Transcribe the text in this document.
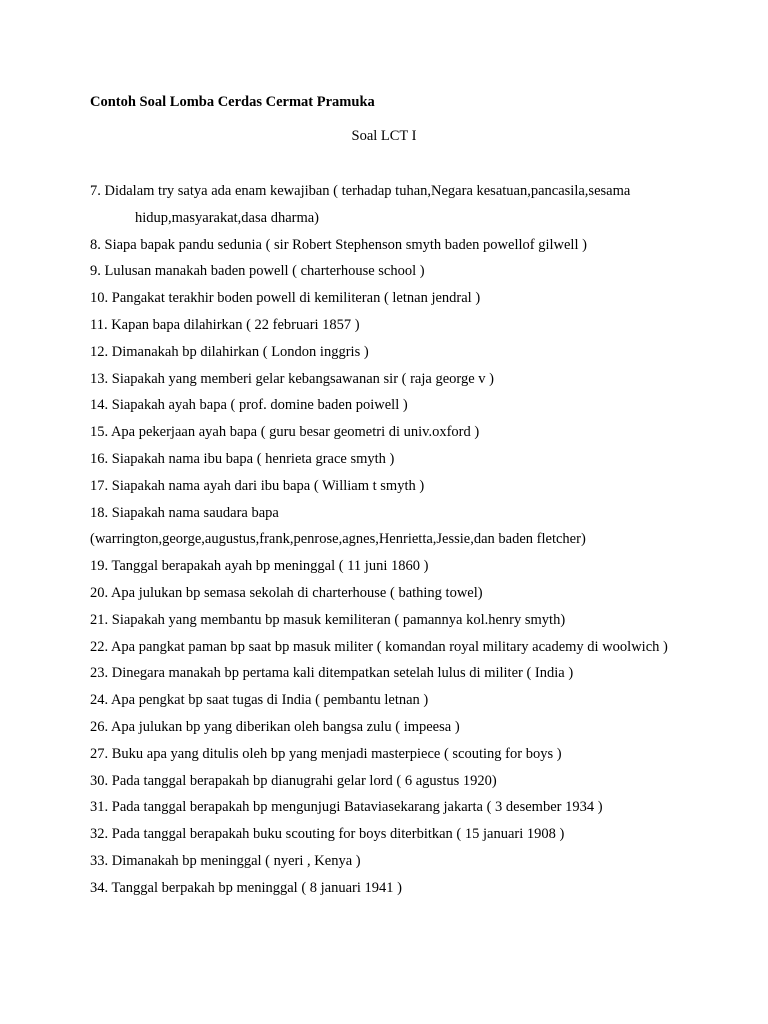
Contoh Soal Lomba Cerdas Cermat Pramuka
Soal LCT I
7. Didalam try satya ada enam kewajiban ( terhadap tuhan,Negara kesatuan,pancasila,sesama hidup,masyarakat,dasa dharma)
8. Siapa bapak pandu sedunia ( sir Robert Stephenson smyth baden powellof gilwell )
9. Lulusan manakah baden powell ( charterhouse school )
10. Pangakat terakhir boden powell di kemiliteran ( letnan jendral )
11. Kapan bapa dilahirkan ( 22 februari 1857 )
12. Dimanakah bp dilahirkan ( London inggris )
13. Siapakah yang memberi gelar kebangsawanan sir ( raja george v )
14. Siapakah ayah bapa ( prof. domine baden poiwell )
15. Apa pekerjaan ayah bapa ( guru besar geometri di univ.oxford )
16. Siapakah nama ibu bapa ( henrieta grace smyth )
17. Siapakah nama ayah dari ibu bapa ( William t smyth )
18. Siapakah nama saudara bapa
(warrington,george,augustus,frank,penrose,agnes,Henrietta,Jessie,dan baden fletcher)
19. Tanggal berapakah ayah bp meninggal ( 11 juni 1860 )
20. Apa julukan bp semasa sekolah di charterhouse ( bathing towel)
21. Siapakah yang membantu bp masuk kemiliteran ( pamannya kol.henry smyth)
22. Apa pangkat paman bp saat bp masuk militer ( komandan royal military academy di woolwich )
23. Dinegara manakah bp pertama kali ditempatkan setelah lulus di militer ( India )
24. Apa pengkat bp saat tugas di India ( pembantu letnan )
26. Apa julukan bp yang diberikan oleh bangsa zulu ( impeesa )
27. Buku apa yang ditulis oleh bp yang menjadi masterpiece ( scouting for boys )
30. Pada tanggal berapakah bp dianugrahi gelar lord ( 6 agustus 1920)
31. Pada tanggal berapakah bp mengunjugi Bataviasekarang jakarta ( 3 desember 1934 )
32. Pada tanggal berapakah buku scouting for boys diterbitkan ( 15 januari 1908 )
33. Dimanakah bp meninggal ( nyeri , Kenya )
34. Tanggal berpakah bp meninggal ( 8 januari 1941 )
